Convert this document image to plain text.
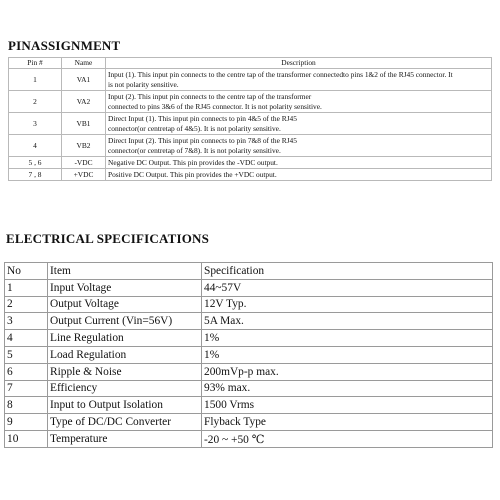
PINASSIGNMENT
Pin #	Name	Description
1	VA1	Input (1). This input pin connects to the centre tap of the transformer connectedto pins 1&2 of the RJ45 connector. It
is not polarity sensitive.

2	VA2	Input (2). This input pin connects to the centre tap of the transformer
connected to pins 3&6 of the RJ45 connector. It is not polarity sensitive.

3	VB1	Direct Input (1). This input pin connects to pin 4&5 of the RJ45
connector(or centretap of 4&5). It is not polarity sensitive.

4	VB2	Direct Input (2). This input pin connects to pin 7&8 of the RJ45
connector(or centretap of 7&8). It is not polarity sensitive.

5 , 6	-VDC	Negative DC Output. This pin provides the -VDC output.
7 , 8	+VDC	Positive DC Output. This pin provides the +VDC output.
ELECTRICAL SPECIFICATIONS
No	Item	Specification
1	Input Voltage	44~57V
2	Output Voltage	12V Typ.
3	Output Current (Vin=56V)	5A Max.
4	Line Regulation	1%
5	Load Regulation	1%
6	Ripple & Noise	200mVp-p max.
7	Efficiency	93% max.
8	Input to Output Isolation	1500 Vrms
9	Type of DC/DC Converter	Flyback Type
10	Temperature	-20 ~ +50 ℃
